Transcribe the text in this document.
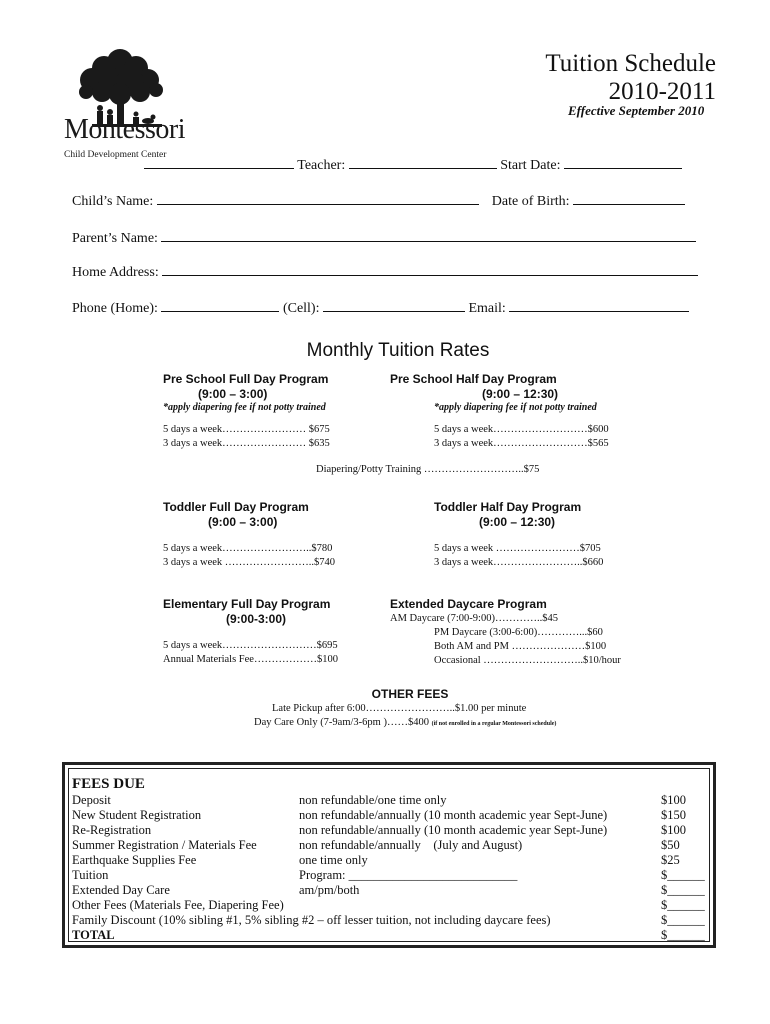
Montessori
Child Development Center
Tuition Schedule
2010-2011
Effective September 2010
Teacher:	Start Date:
Child’s Name:	Date of Birth:
Parent’s Name:
Home Address:
Phone (Home):	(Cell):	Email:
Monthly Tuition Rates
Pre School Full Day Program
(9:00 – 3:00)
*apply diapering fee if not potty trained
5 days a week…………………… $675
3 days a week…………………… $635
Pre School Half Day Program
(9:00 – 12:30)
*apply diapering fee if not potty trained
5 days a week………………………$600
3 days a week………………………$565
Diapering/Potty Training ………………………..$75
Toddler Full Day Program
(9:00 – 3:00)
5 days a week……………………..$780
3 days a week ……………………..$740
Toddler Half Day Program
(9:00 – 12:30)
5 days a week ……………………$705
3 days a week……………………..$660
Elementary Full Day Program
(9:00-3:00)
5 days a week………………………$695
Annual Materials Fee………………$100
Extended Daycare Program
AM Daycare (7:00-9:00)…………..$45
PM Daycare (3:00-6:00)…………...$60
Both AM and PM …………………$100
Occasional ………………………..$10/hour
OTHER FEES
Late Pickup after 6:00……………………..$1.00 per minute
Day Care Only (7-9am/3-6pm )……$400 (if not enrolled in a regular Montessori schedule)
FEES DUE
Deposit	non refundable/one time only	$100
New Student Registration	non refundable/annually (10 month academic year Sept-June)	$150
Re-Registration	non refundable/annually (10 month academic year Sept-June)	$100
Summer Registration / Materials Fee	non refundable/annually    (July and August)	$50
Earthquake Supplies Fee	one time only	$25
Tuition	Program: ___________________________	$______
Extended Day Care	am/pm/both	$______
Other Fees (Materials Fee, Diapering Fee)	$______
Family Discount (10% sibling #1, 5% sibling #2 – off lesser tuition, not including daycare fees)	$______
TOTAL	$______
